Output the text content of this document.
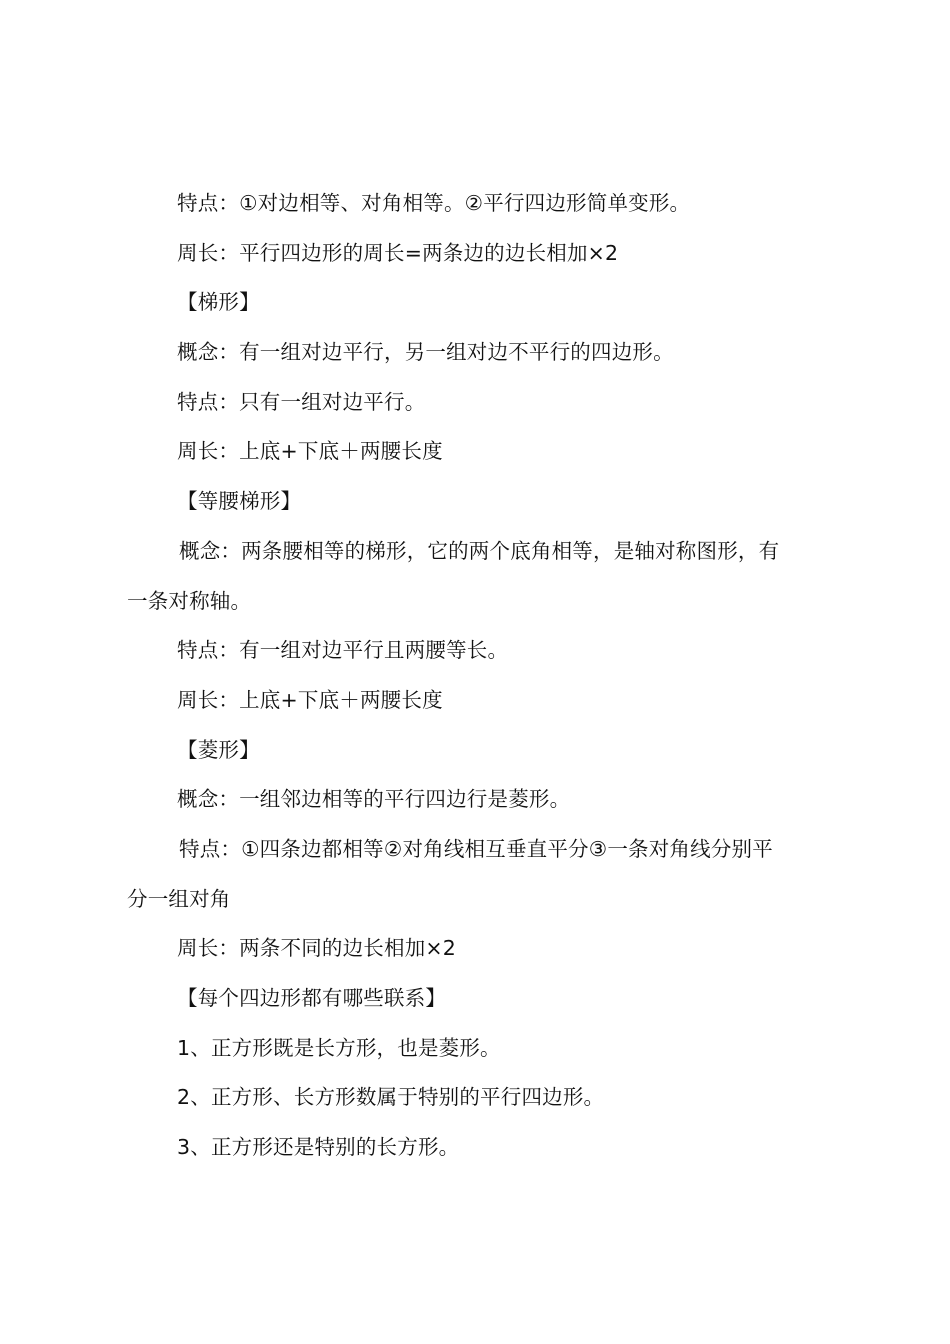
特点：①对边相等、对角相等。②平行四边形简单变形。
周长：平行四边形的周长=两条边的边长相加×2
【梯形】
概念：有一组对边平行，另一组对边不平行的四边形。
特点：只有一组对边平行。
周长：上底+下底＋两腰长度
【等腰梯形】
概念：两条腰相等的梯形，它的两个底角相等，是轴对称图形，有
一条对称轴。
特点：有一组对边平行且两腰等长。
周长：上底+下底＋两腰长度
【菱形】
概念：一组邻边相等的平行四边行是菱形。
特点：①四条边都相等②对角线相互垂直平分③一条对角线分别平
分一组对角
周长：两条不同的边长相加×2
【每个四边形都有哪些联系】
1、正方形既是长方形，也是菱形。
2、正方形、长方形数属于特别的平行四边形。
3、正方形还是特别的长方形。
